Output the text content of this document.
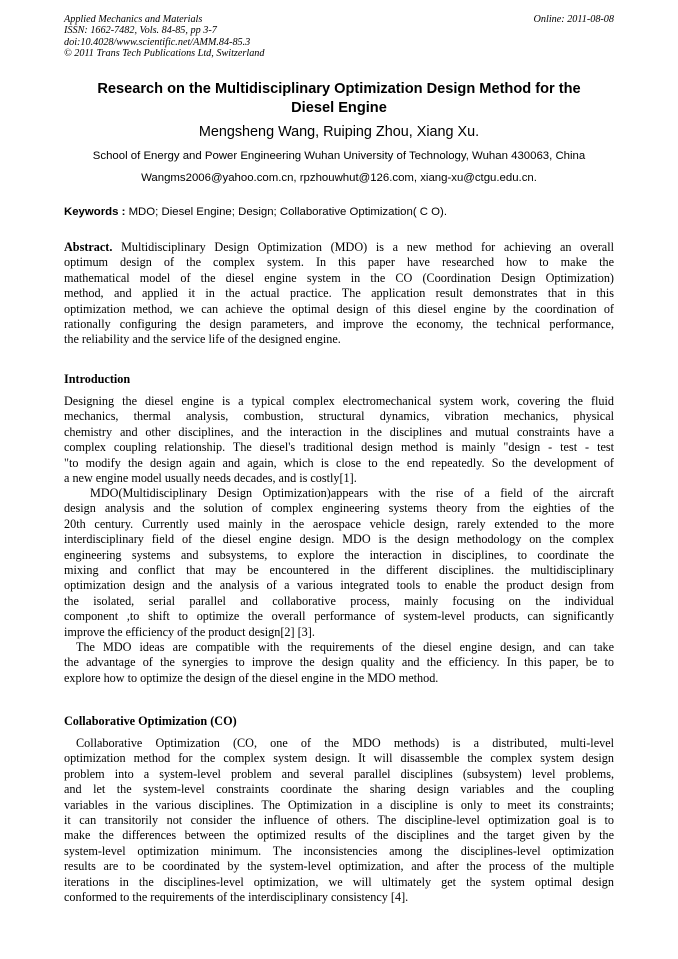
Applied Mechanics and Materials
ISSN: 1662-7482, Vols. 84-85, pp 3-7
doi:10.4028/www.scientific.net/AMM.84-85.3
© 2011 Trans Tech Publications Ltd, Switzerland
Online: 2011-08-08
Research on the Multidisciplinary Optimization Design Method for the
Diesel Engine
Mengsheng Wang, Ruiping Zhou, Xiang Xu.
School of Energy and Power Engineering Wuhan University of Technology, Wuhan 430063, China
Wangms2006@yahoo.com.cn, rpzhouwhut@126.com, xiang-xu@ctgu.edu.cn.
Keywords : MDO; Diesel Engine; Design; Collaborative Optimization( C O).
Abstract. Multidisciplinary Design Optimization (MDO) is a new method for achieving an overall
optimum design of the complex system. In this paper have researched how to make the
mathematical model of the diesel engine system in the CO (Coordination Design Optimization)
method, and applied it in the actual practice. The application result demonstrates that in this
optimization method, we can achieve the optimal design of this diesel engine by the coordination of
rationally configuring the design parameters, and improve the economy, the technical performance,
the reliability and the service life of the designed engine.
Introduction
Designing the diesel engine is a typical complex electromechanical system work, covering the fluid
mechanics, thermal analysis, combustion, structural dynamics, vibration mechanics, physical
chemistry and other disciplines, and the interaction in the disciplines and mutual constraints have a
complex coupling relationship. The diesel's traditional design method is mainly "design - test - test
"to modify the design again and again, which is close to the end repeatedly. So the development of
a new engine model usually needs decades, and is costly[1].
MDO(Multidisciplinary Design Optimization)appears with the rise of a field of the aircraft
design analysis and the solution of complex engineering systems theory from the eighties of the
20th century. Currently used mainly in the aerospace vehicle design, rarely extended to the more
interdisciplinary field of the diesel engine design. MDO is the design methodology on the complex
engineering systems and subsystems, to explore the interaction in disciplines, to coordinate the
mixing and conflict that may be encountered in the different disciplines. the multidisciplinary
optimization design and the analysis of a various integrated tools to enable the product design from
the isolated, serial parallel and collaborative process, mainly focusing on the individual
component ,to shift to optimize the overall performance of system-level products, can significantly
improve the efficiency of the product design[2] [3].
The MDO ideas are compatible with the requirements of the diesel engine design, and can take
the advantage of the synergies to improve the design quality and the efficiency. In this paper, be to
explore how to optimize the design of the diesel engine in the MDO method.
Collaborative Optimization (CO)
Collaborative Optimization (CO, one of the MDO methods) is a distributed, multi-level
optimization method for the complex system design. It will disassemble the complex system design
problem into a system-level problem and several parallel disciplines (subsystem) level problems,
and let the system-level constraints coordinate the sharing design variables and the coupling
variables in the various disciplines. The Optimization in a discipline is only to meet its constraints;
it can transitorily not consider the influence of others. The discipline-level optimization goal is to
make the differences between the optimized results of the disciplines and the target given by the
system-level optimization minimum. The inconsistencies among the disciplines-level optimization
results are to be coordinated by the system-level optimization, and after the process of the multiple
iterations in the disciplines-level optimization, we will ultimately get the system optimal design
conformed to the requirements of the interdisciplinary consistency [4].
